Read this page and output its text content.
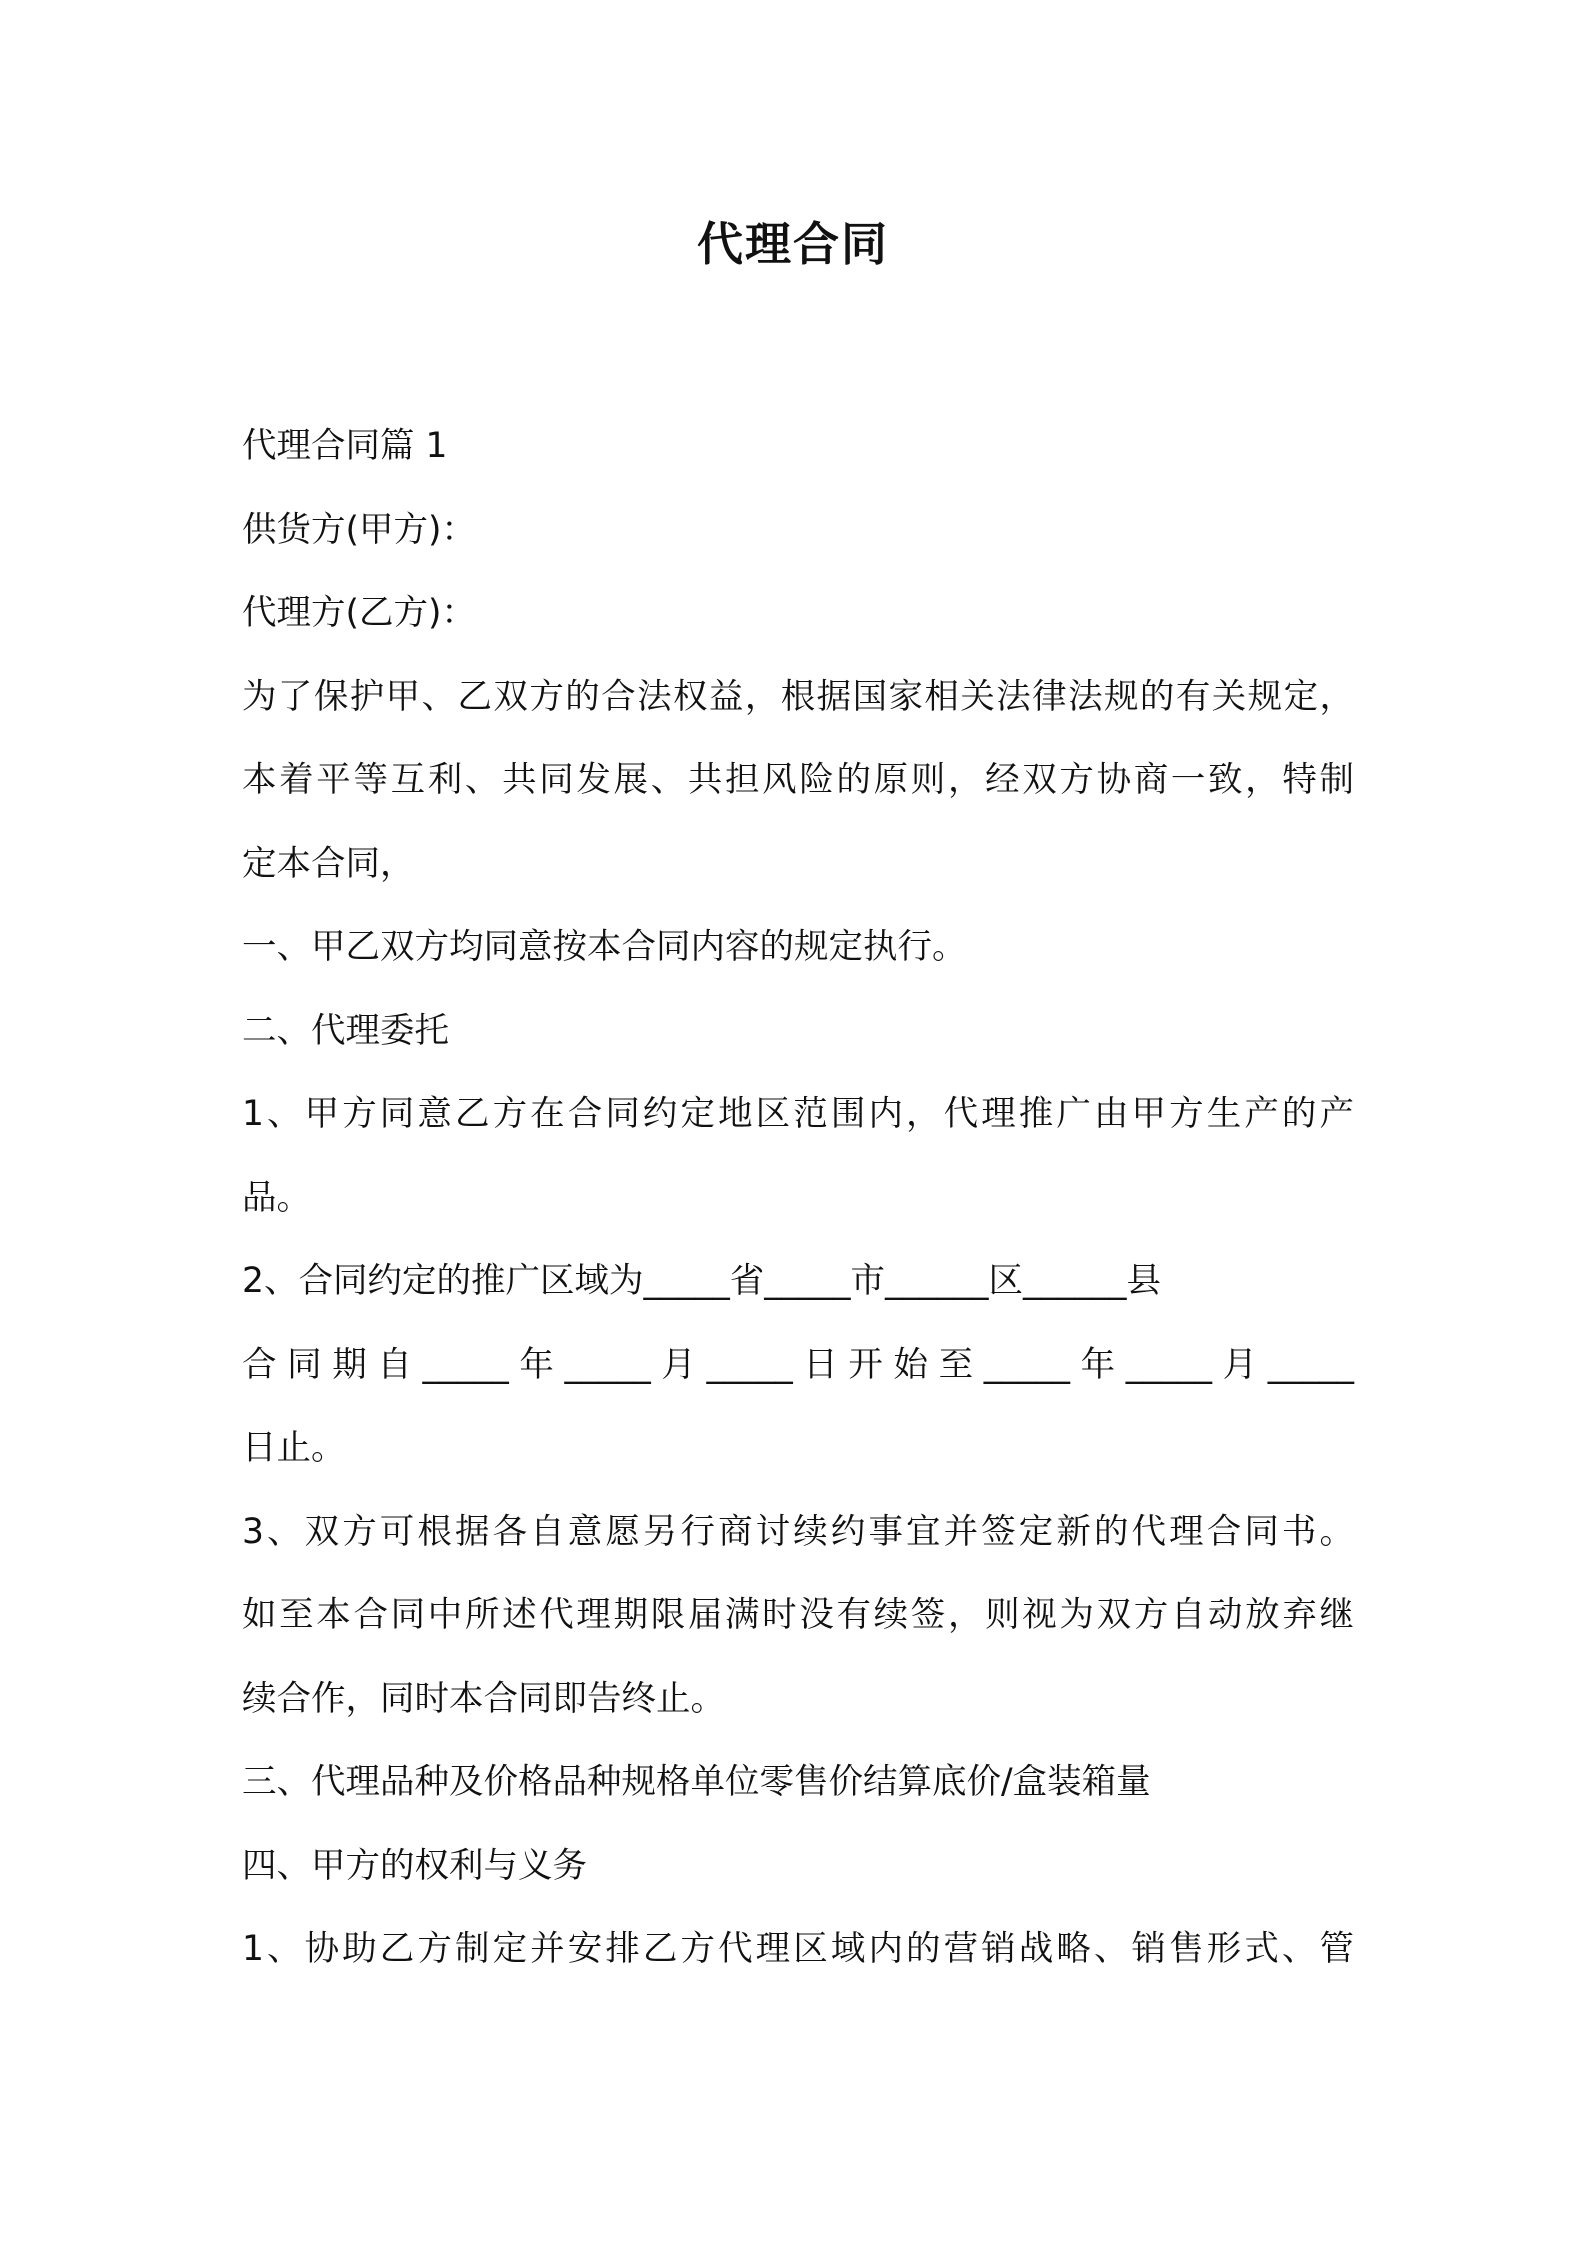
代理合同
代理合同篇 1
供货方(甲方)：
代理方(乙方)：
为了保护甲、乙双方的合法权益，根据国家相关法律法规的有关规定，
本着平等互利、共同发展、共担风险的原则，经双方协商一致，特制
定本合同，
一、甲乙双方均同意按本合同内容的规定执行。
二、代理委托
1、甲方同意乙方在合同约定地区范围内，代理推广由甲方生产的产
品。
2、合同约定的推广区域为_____省_____市______区______县
合同期自_____年_____月_____日开始至_____年_____月_____
日止。
3、双方可根据各自意愿另行商讨续约事宜并签定新的代理合同书。
如至本合同中所述代理期限届满时没有续签，则视为双方自动放弃继
续合作，同时本合同即告终止。
三、代理品种及价格品种规格单位零售价结算底价/盒装箱量
四、甲方的权利与义务
1、协助乙方制定并安排乙方代理区域内的营销战略、销售形式、管
